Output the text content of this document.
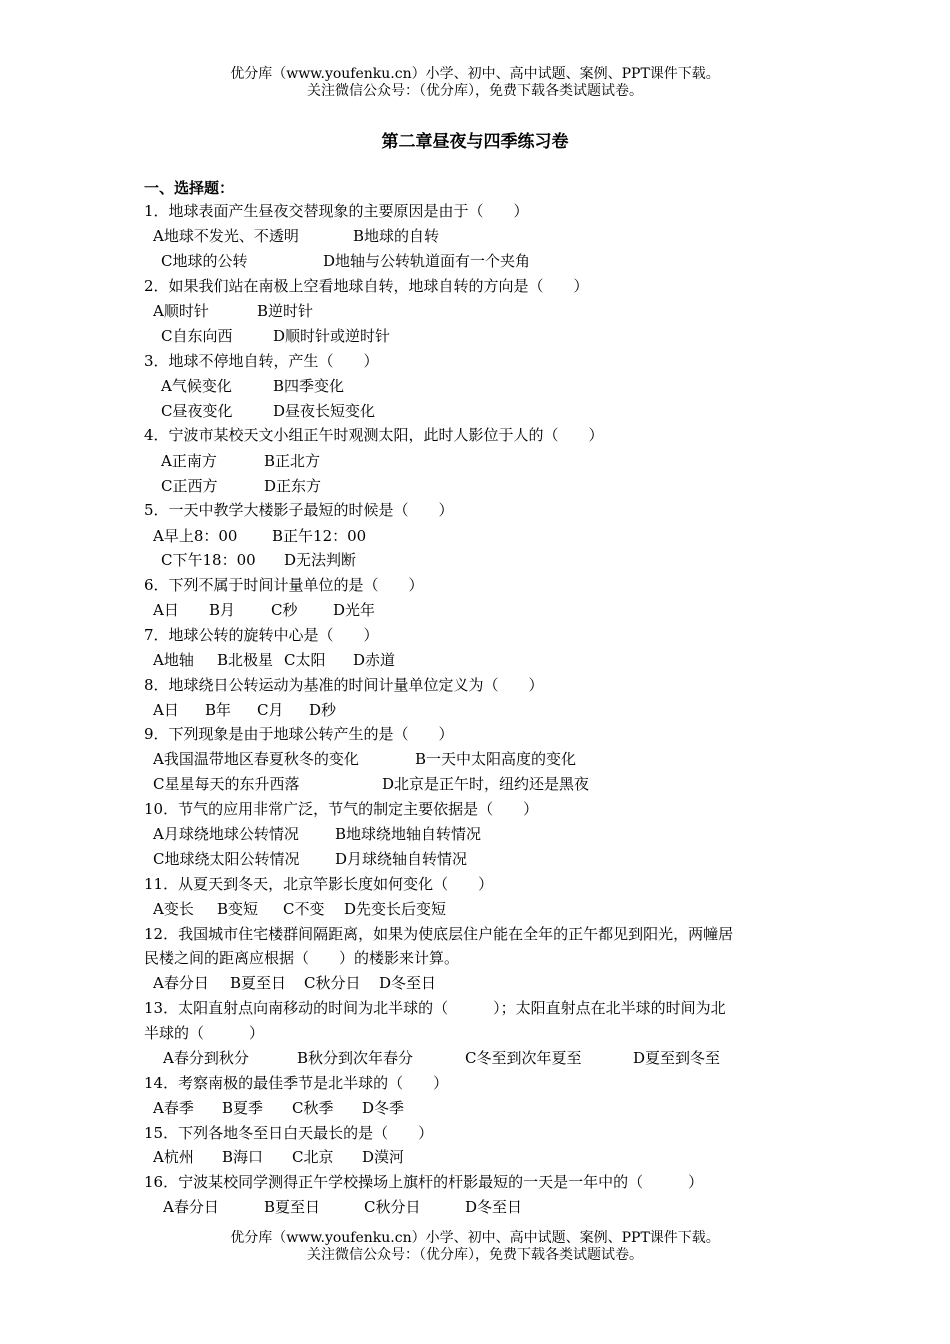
优分库（www.youfenku.cn）小学、初中、高中试题、案例、PPT课件下载。
关注微信公众号：（优分库），免费下载各类试题试卷。
第二章昼夜与四季练习卷
一、选择题：
1．地球表面产生昼夜交替现象的主要原因是由于（　　）
A地球不发光、不透明	B地球的自转
C地球的公转	D地轴与公转轨道面有一个夹角
2．如果我们站在南极上空看地球自转，地球自转的方向是（　　）
A顺时针	B逆时针
C自东向西	D顺时针或逆时针
3．地球不停地自转，产生（　　）
A气候变化	B四季变化
C昼夜变化	D昼夜长短变化
4．宁波市某校天文小组正午时观测太阳，此时人影位于人的（　　）
A正南方	B正北方
C正西方	D正东方
5．一天中教学大楼影子最短的时候是（　　）
A早上8：00 B正午12：00
C下午18：00 D无法判断
6．下列不属于时间计量单位的是（　　）
A日 B月 C秒 D光年
7．地球公转的旋转中心是（　　）
A地轴 B北极星 C太阳 D赤道
8．地球绕日公转运动为基准的时间计量单位定义为（　　）
A日 B年 C月 D秒
9．下列现象是由于地球公转产生的是（　　）
A我国温带地区春夏秋冬的变化	B一天中太阳高度的变化
C星星每天的东升西落	D北京是正午时，纽约还是黑夜
10．节气的应用非常广泛，节气的制定主要依据是（　　）
A月球绕地球公转情况 B地球绕地轴自转情况
C地球绕太阳公转情况 D月球绕轴自转情况
11．从夏天到冬天，北京竿影长度如何变化（　　）
A变长 B变短 C不变 D先变长后变短
12．我国城市住宅楼群间隔距离，如果为使底层住户能在全年的正午都见到阳光，两幢居
民楼之间的距离应根据（　　）的楼影来计算。
A春分日 B夏至日 C秋分日 D冬至日
13．太阳直射点向南移动的时间为北半球的（　　　）；太阳直射点在北半球的时间为北
半球的（　　　）
A春分到秋分	B秋分到次年春分	C冬至到次年夏至	D夏至到冬至
14．考察南极的最佳季节是北半球的（　　）
A春季 B夏季 C秋季 D冬季
15．下列各地冬至日白天最长的是（　　）
A杭州 B海口 C北京 D漠河
16．宁波某校同学测得正午学校操场上旗杆的杆影最短的一天是一年中的（　　　）
A春分日	B夏至日	C秋分日	D冬至日
优分库（www.youfenku.cn）小学、初中、高中试题、案例、PPT课件下载。
关注微信公众号：（优分库），免费下载各类试题试卷。
